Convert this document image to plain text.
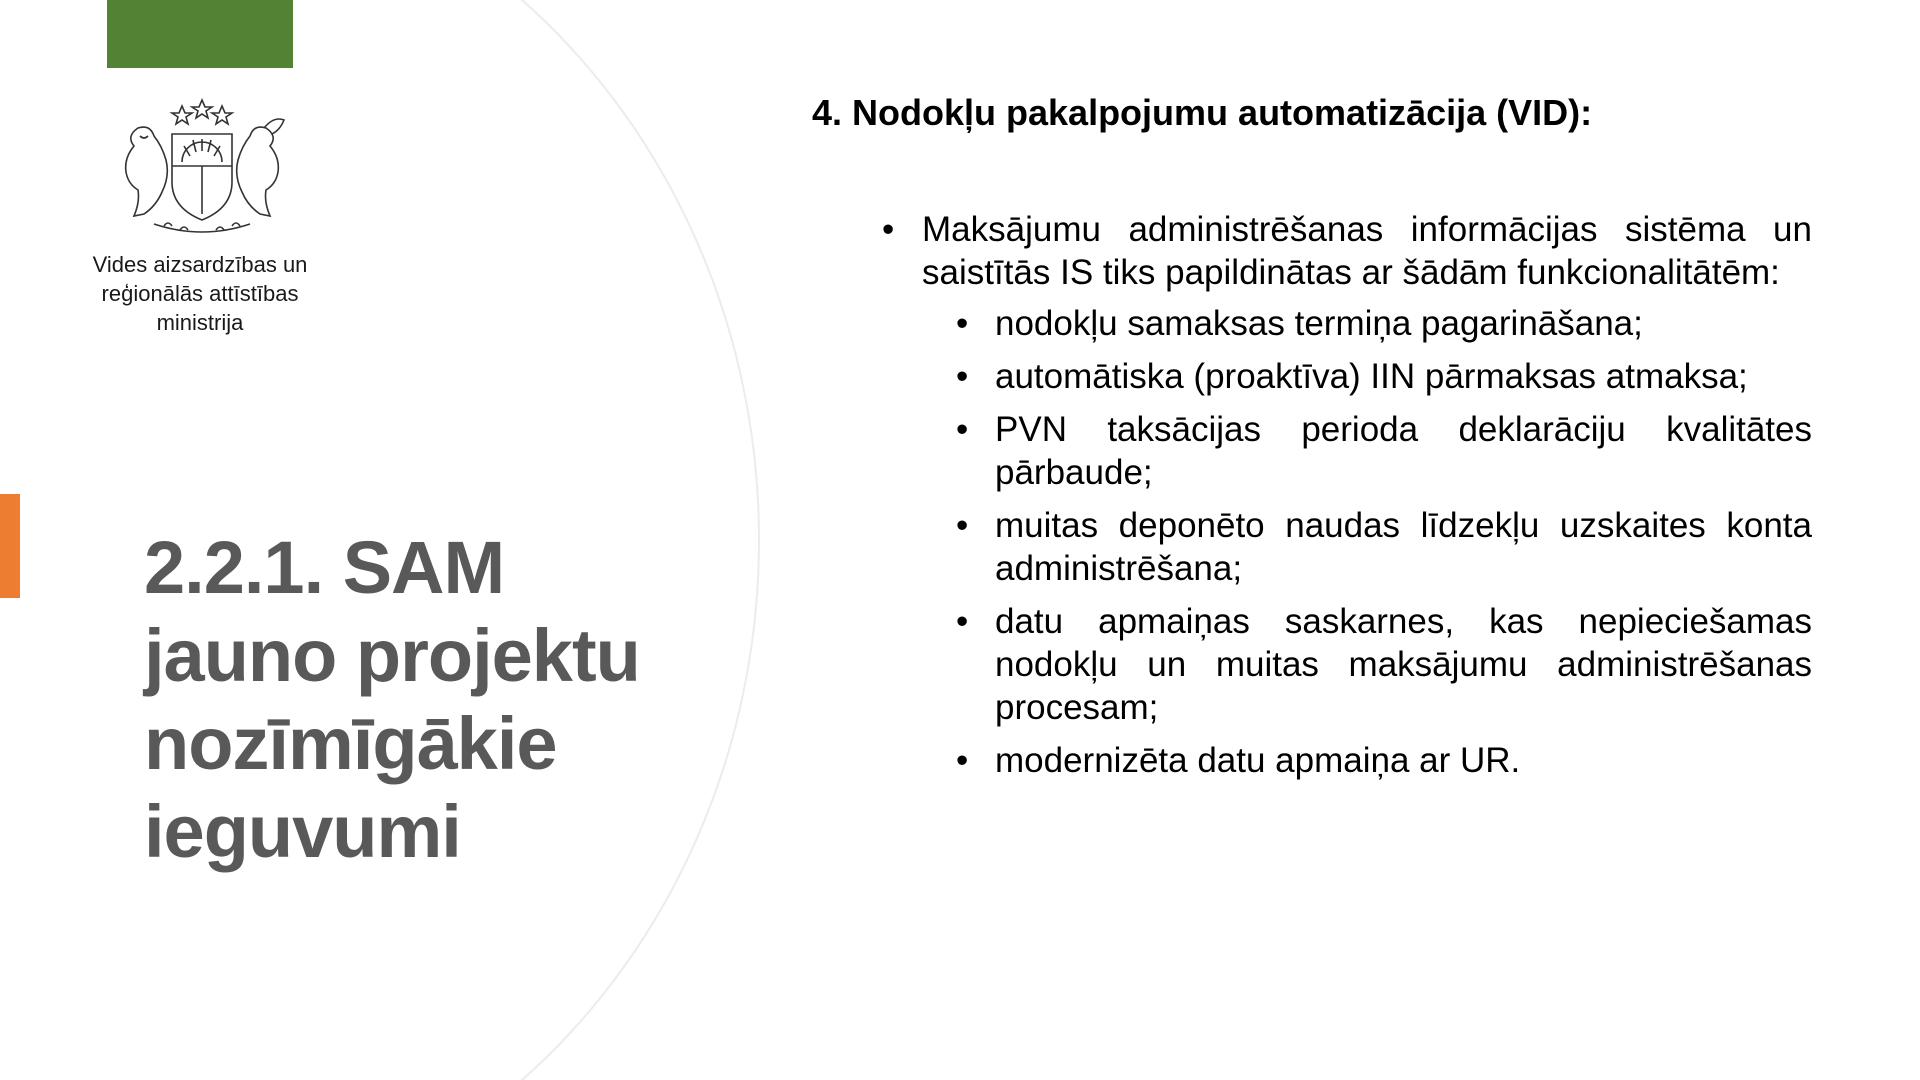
Vides aizsardzības un
reģionālās attīstības
ministrija
2.2.1. SAM
jauno projektu
nozīmīgākie
ieguvumi
4. Nodokļu pakalpojumu automatizācija (VID):
• Maksājumu administrēšanas informācijas sistēma un saistītās IS tiks papildinātas ar šādām funkcionalitātēm:
• nodokļu samaksas termiņa pagarināšana;
• automātiska (proaktīva) IIN pārmaksas atmaksa;
• PVN taksācijas perioda deklarāciju kvalitātes pārbaude;
• muitas deponēto naudas līdzekļu uzskaites konta administrēšana;
• datu apmaiņas saskarnes, kas nepieciešamas nodokļu un muitas maksājumu administrēšanas procesam;
• modernizēta datu apmaiņa ar UR.
